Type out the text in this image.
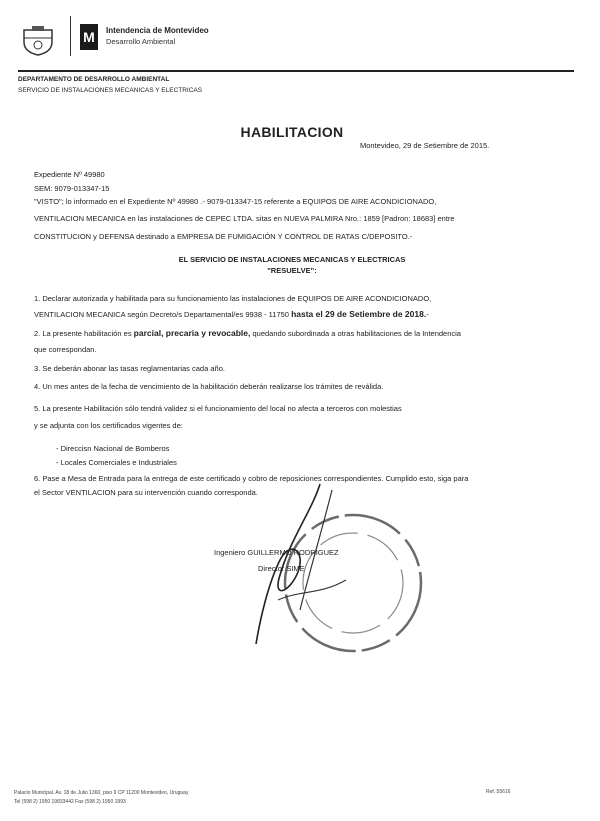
M	Intendencia de Montevideo
Desarrollo Ambiental
DEPARTAMENTO DE DESARROLLO AMBIENTAL
SERVICIO DE INSTALACIONES MECANICAS Y ELECTRICAS
HABILITACION
Montevideo, 29 de Setiembre de 2015.
Expediente Nº 49980
SEM: 9079-013347-15
"VISTO"; lo informado en el Expediente Nº 49980 .- 9079-013347-15 referente a EQUIPOS DE AIRE ACONDICIONADO,
VENTILACION MECANICA en las instalaciones de CEPEC LTDA. sitas en NUEVA PALMIRA Nro.: 1859 [Padron: 18683] entre
CONSTITUCION y DEFENSA destinado a EMPRESA DE FUMIGACIÓN Y CONTROL DE RATAS C/DEPOSITO.-
EL SERVICIO DE INSTALACIONES MECANICAS Y ELECTRICAS
"RESUELVE":
1. Declarar autorizada y habilitada para su funcionamiento las instalaciones de EQUIPOS DE AIRE ACONDICIONADO,
VENTILACION MECANICA según Decreto/s Departamental/es 9938 - 11750 hasta el 29 de Setiembre de 2018.-
2. La presente habilitación es parcial, precaria y revocable, quedando subordinada a otras habilitaciones de la Intendencia
que correspondan.
3. Se deberán abonar las tasas reglamentarias cada año.
4. Un mes antes de la fecha de vencimiento de la habilitación deberán realizarse los trámites de reválida.
5. La presente Habilitación sólo tendrá validez si el funcionamiento del local no afecta a terceros con molestias
y se adjunta con los certificados vigentes de:
- Direccisn Nacional de Bomberos
- Locales Comerciales e Industriales
6. Pase a Mesa de Entrada para la entrega de este certificado y cobro de reposiciones correspondientes. Cumplido esto, siga para
el Sector VENTILACION para su intervención cuando corresponda.
Ingeniero GUILLERMO RODRIGUEZ
Director SIME
Palacio Municipal. Av. 18 de Julio 1360, piso 9 CP 11200 Montevideo, Uruguay
Tel (598 2) 1950 19833442 Fax (598 2) 1950 1993
Ref. 55616
